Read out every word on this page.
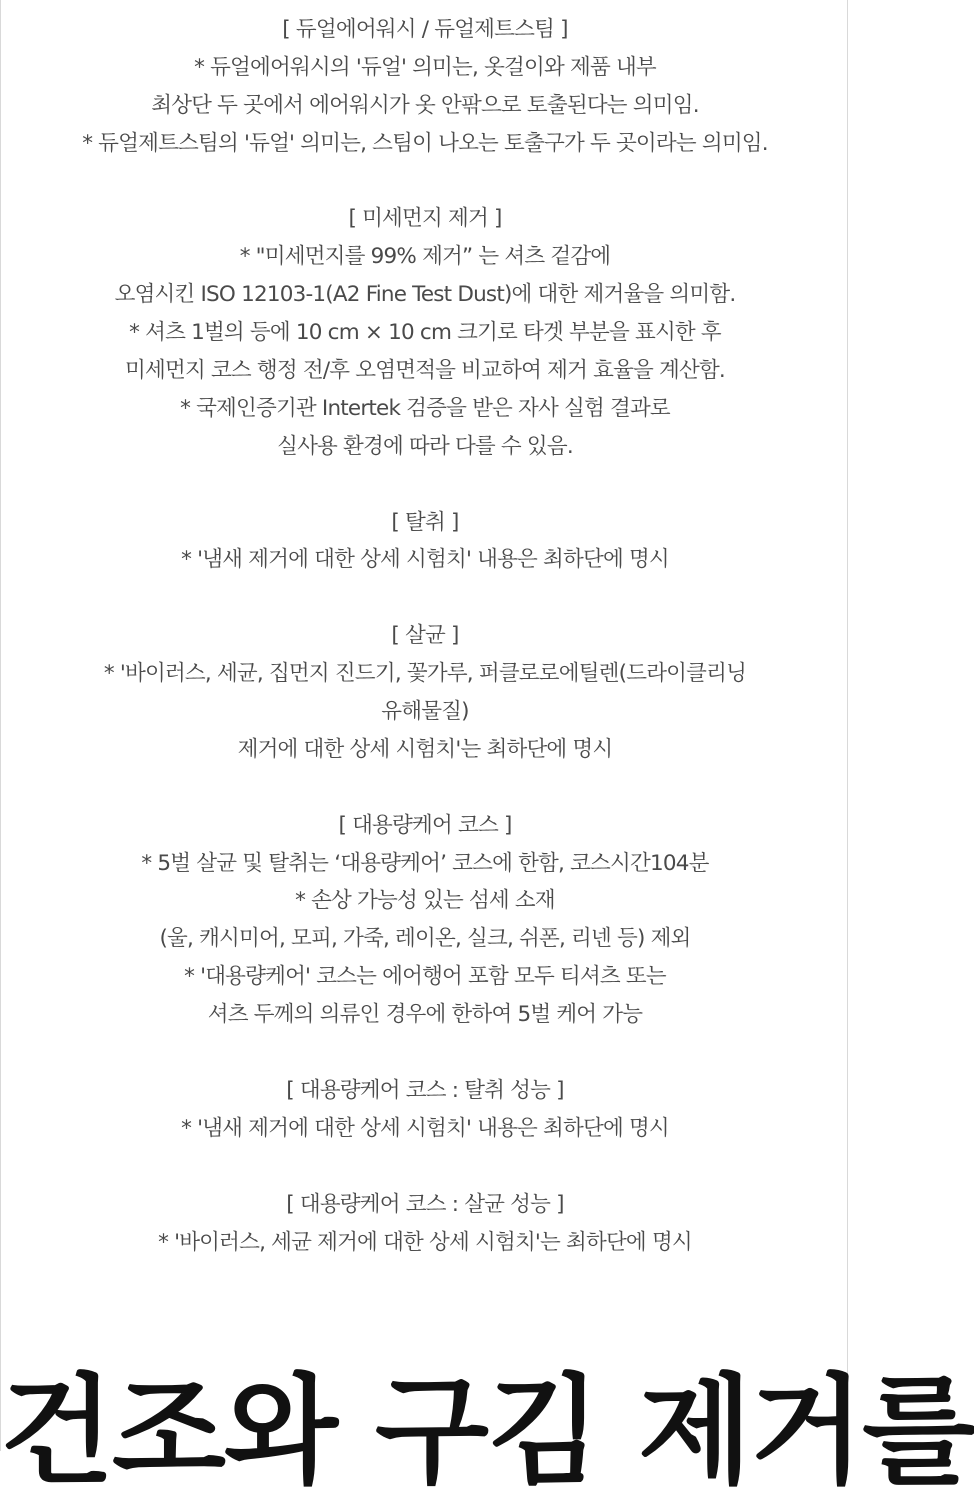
[ 듀얼에어워시 / 듀얼제트스팀 ]
* 듀얼에어워시의 '듀얼' 의미는, 옷걸이와 제품 내부
최상단 두 곳에서 에어워시가 옷 안팎으로 토출된다는 의미임.
* 듀얼제트스팀의 '듀얼' 의미는, 스팀이 나오는 토출구가 두 곳이라는 의미임.
[ 미세먼지 제거 ]
* "미세먼지를 99% 제거” 는 셔츠 겉감에
오염시킨 ISO 12103-1(A2 Fine Test Dust)에 대한 제거율을 의미함.
* 셔츠 1벌의 등에 10 cm × 10 cm 크기로 타겟 부분을 표시한 후
미세먼지 코스 행정 전/후 오염면적을 비교하여 제거 효율을 계산함.
* 국제인증기관 Intertek 검증을 받은 자사 실험 결과로
실사용 환경에 따라 다를 수 있음.
[ 탈취 ]
* '냄새 제거에 대한 상세 시험치' 내용은 최하단에 명시
[ 살균 ]
* '바이러스, 세균, 집먼지 진드기, 꽃가루, 퍼클로로에틸렌(드라이클리닝
유해물질)
제거에 대한 상세 시험치'는 최하단에 명시
[ 대용량케어 코스 ]
* 5벌 살균 및 탈취는 ‘대용량케어’ 코스에 한함, 코스시간104분
* 손상 가능성 있는 섬세 소재
(울, 캐시미어, 모피, 가죽, 레이온, 실크, 쉬폰, 리넨 등) 제외
* '대용량케어' 코스는 에어행어 포함 모두 티셔츠 또는
셔츠 두께의 의류인 경우에 한하여 5벌 케어 가능
[ 대용량케어 코스 : 탈취 성능 ]
* '냄새 제거에 대한 상세 시험치' 내용은 최하단에 명시
[ 대용량케어 코스 : 살균 성능 ]
* '바이러스, 세균 제거에 대한 상세 시험치'는 최하단에 명시
건조와 구김 제거를
